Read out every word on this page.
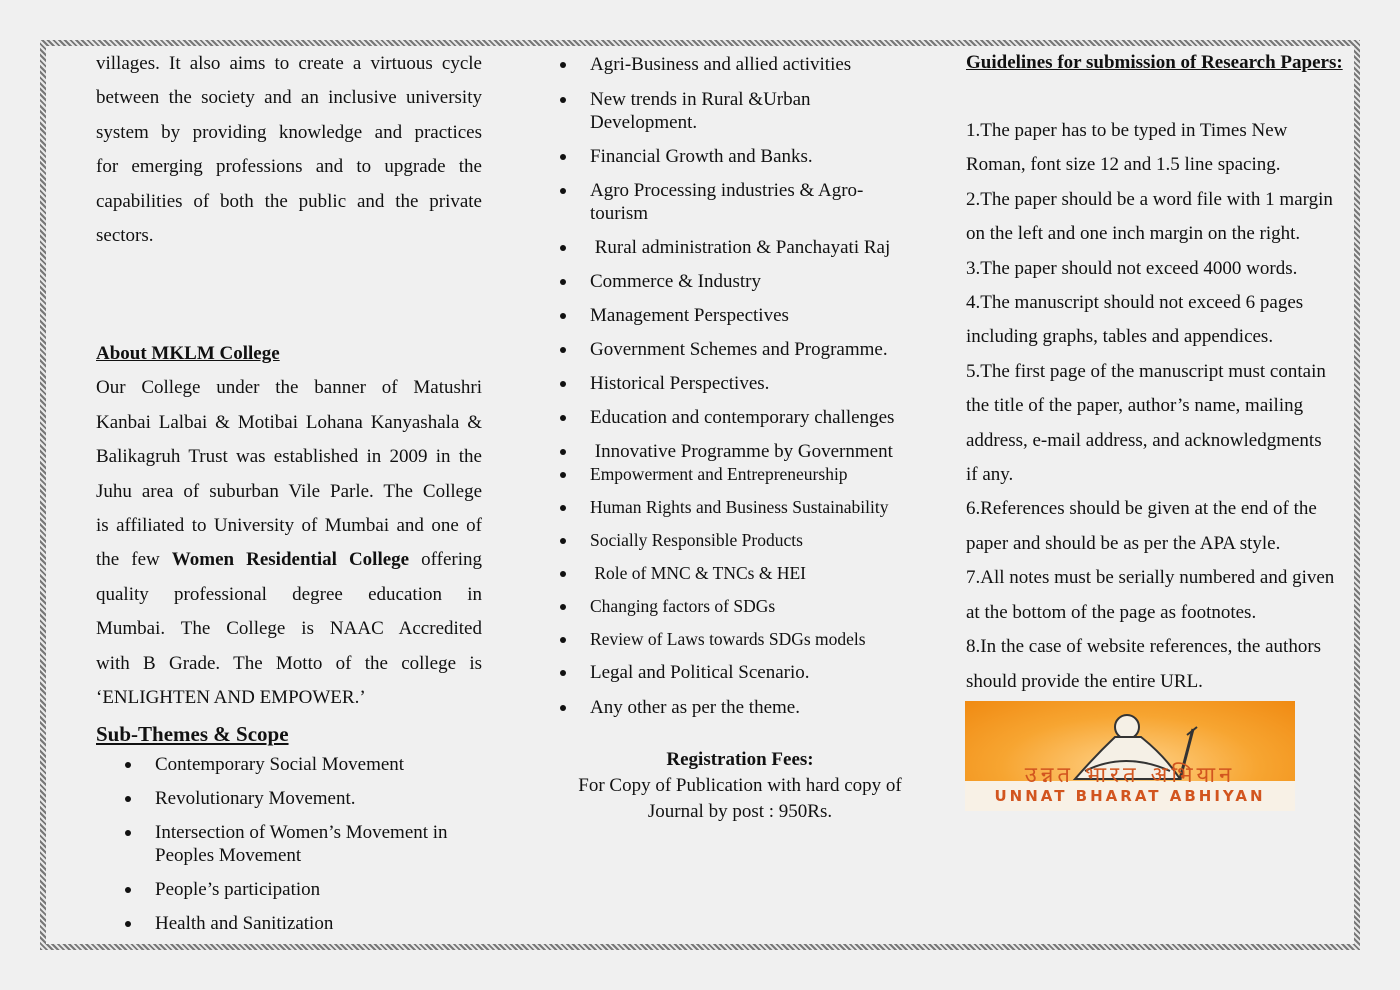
villages. It also aims to create a virtuous cycle

between the society and an inclusive university

system by providing knowledge and practices

for emerging professions and to upgrade the

capabilities of both the public and the private

sectors.

About MKLM College

Our College under the banner of Matushri

Kanbai Lalbai & Motibai Lohana Kanyashala &

Balikagruh Trust was established in 2009 in the

Juhu area of suburban Vile Parle. The College

is affiliated to University of Mumbai and one of

the few Women Residential College offering

quality professional degree education in

Mumbai. The College is NAAC Accredited

with B Grade. The Motto of the college is

‘ENLIGHTEN AND EMPOWER.’

Sub-Themes & Scope

Contemporary Social Movement
Revolutionary Movement.
Intersection of Women’s Movement in Peoples Movement
People’s participation
Health and Sanitization
Agri-Business and allied activities
New trends in Rural &Urban Development.
Financial Growth and Banks.
Agro Processing industries & Agro-tourism
Rural administration & Panchayati Raj
Commerce & Industry
Management Perspectives
Government Schemes and Programme.
Historical Perspectives.
Education and contemporary challenges
Innovative Programme by Government
Empowerment and Entrepreneurship
Human Rights and Business Sustainability
Socially Responsible Products
Role of MNC & TNCs & HEI
Changing factors of SDGs
Review of Laws towards SDGs models
Legal and Political Scenario.
Any other as per the theme.
Registration Fees:
For Copy of Publication with hard copy of
Journal by post : 950Rs.

Guidelines for submission of Research Papers:

1.The paper has to be typed in Times New

Roman, font size 12 and 1.5 line spacing.

2.The paper should be a word file with 1 margin

on the left and one inch margin on the right.

3.The paper should not exceed 4000 words.

4.The manuscript should not exceed 6 pages

including graphs, tables and appendices.

5.The first page of the manuscript must contain

the title of the paper, author’s name, mailing

address, e-mail address, and acknowledgments

if any.

6.References should be given at the end of the

paper and should be as per the APA style.

7.All notes must be serially numbered and given

at the bottom of the page as footnotes.

8.In the case of website references, the authors

should provide the entire URL.

उन्नत भारत अभियान
UNNAT BHARAT ABHIYAN
